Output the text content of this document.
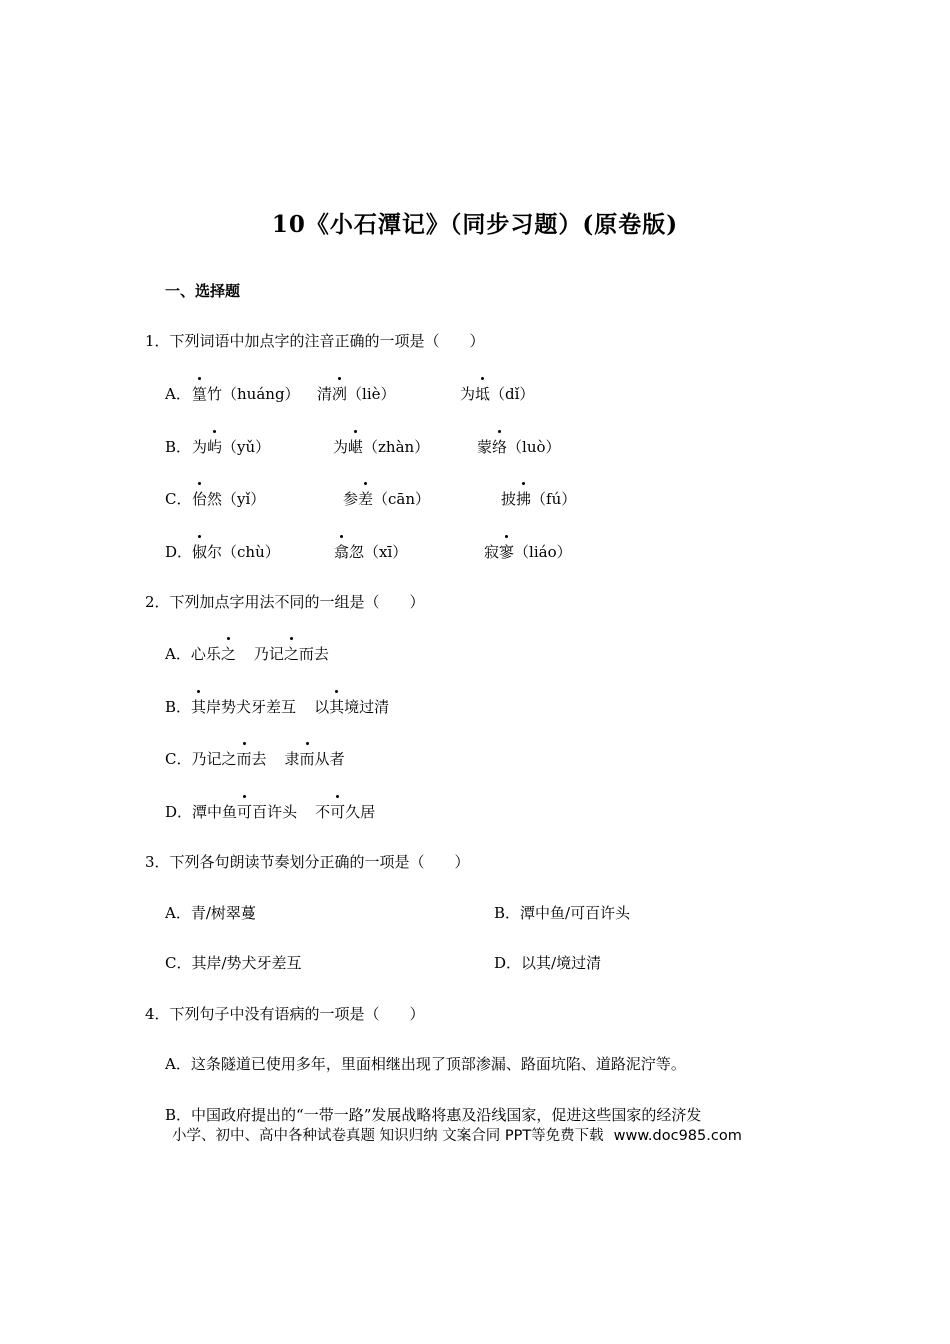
10《小石潭记》（同步习题）(原卷版)
一、选择题
1．下列词语中加点字的注音正确的一项是（　　）
A． 篁竹（huáng） 清冽（liè）	为坻（dǐ）
B． 为屿（yǔ）	为嵁（zhàn）	蒙络（luò）
C． 佁然（yǐ）	参差（cān）	披拂（fú）
D． 俶尔（chù）	翕忽（xī）	寂寥（liáo）
2．下列加点字用法不同的一组是（　　）
A．心乐之 乃记之而去
B．其岸势犬牙差互 以其境过清
C．乃记之而去 隶而从者
D．潭中鱼可百许头 不可久居
3．下列各句朗读节奏划分正确的一项是（　　）
A．青/树翠蔓	B．潭中鱼/可百许头
C．其岸/势犬牙差互	D．以其/境过清
4．下列句子中没有语病的一项是（　　）
A．这条隧道已使用多年，里面相继出现了顶部渗漏、路面坑陷、道路泥泞等。
B．中国政府提出的“一带一路”发展战略将惠及沿线国家，促进这些国家的经济发
小学、初中、高中各种试卷真题 知识归纳 文案合同 PPT等免费下载 www.doc985.com
